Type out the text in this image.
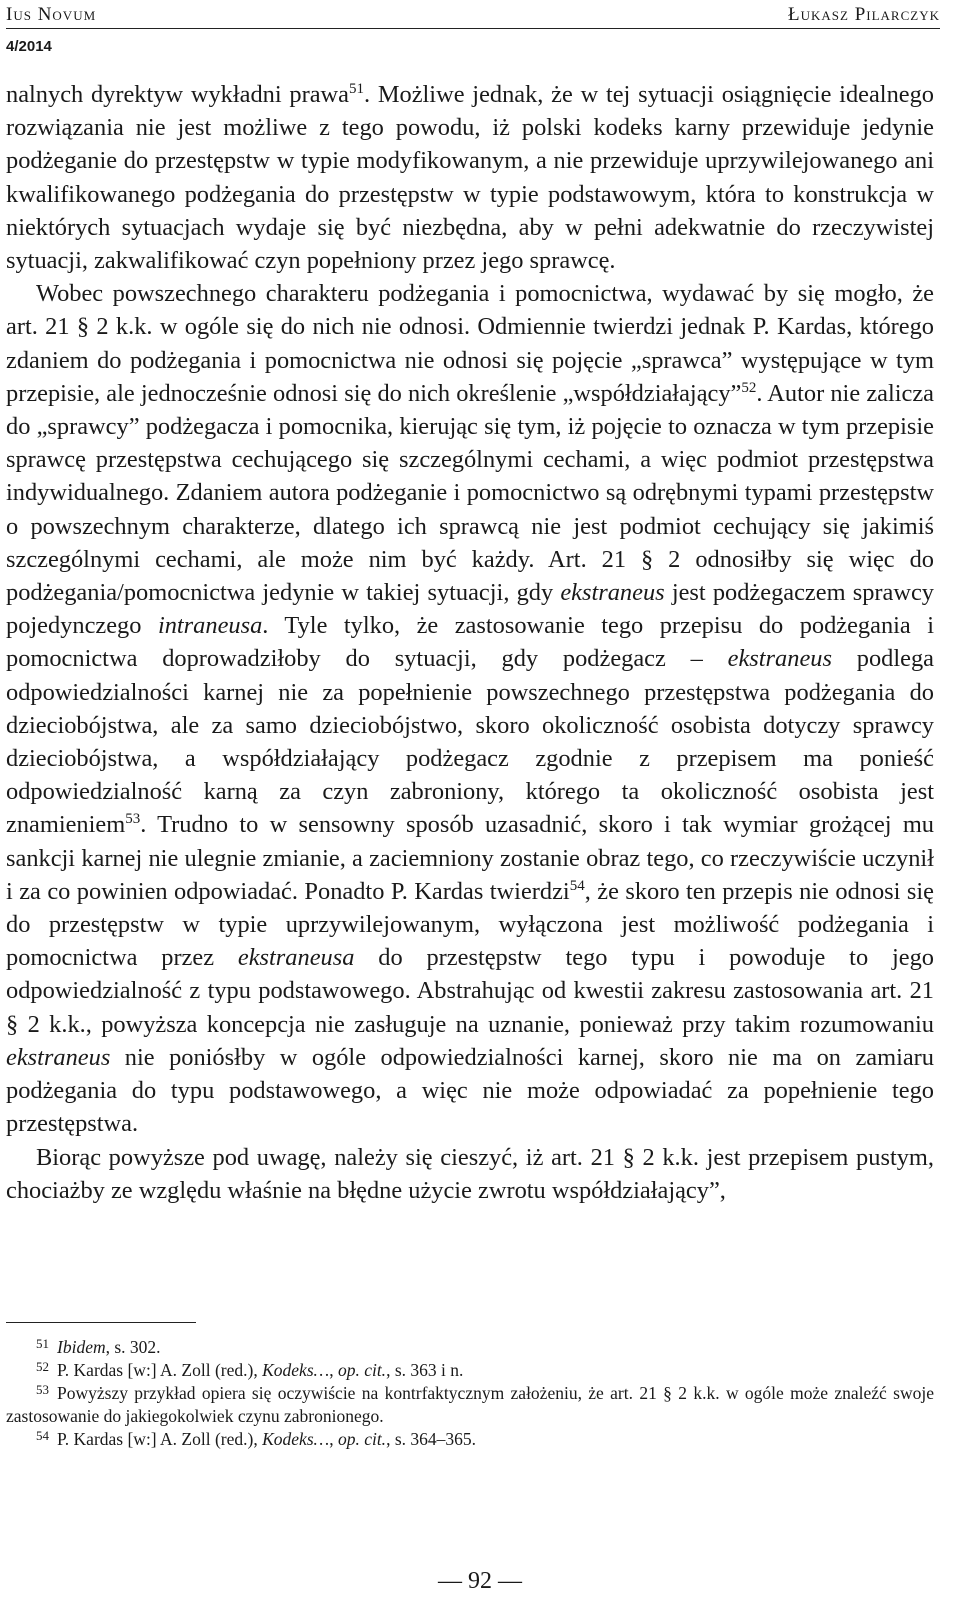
Ius Novum	Łukasz Pilarczyk
4/2014

nalnych dyrektyw wykładni prawa$^{51}$. Możliwe jednak, że w tej sytuacji osiągnięcie idealnego rozwiązania nie jest możliwe z tego powodu, iż polski kodeks karny przewiduje jedynie podżeganie do przestępstw w typie modyfikowanym, a nie przewiduje uprzywilejowanego ani kwalifikowanego podżegania do przestępstw w typie podstawowym, która to konstrukcja w niektórych sytuacjach wydaje się być niezbędna, aby w pełni adekwatnie do rzeczywistej sytuacji, zakwalifikować czyn popełniony przez jego sprawcę.

Wobec powszechnego charakteru podżegania i pomocnictwa, wydawać by się mogło, że art. 21 § 2 k.k. w ogóle się do nich nie odnosi. Odmiennie twierdzi jednak P. Kardas, którego zdaniem do podżegania i pomocnictwa nie odnosi się pojęcie „sprawca” występujące w tym przepisie, ale jednocześnie odnosi się do nich określenie „współdziałający”$^{52}$. Autor nie zalicza do „sprawcy” podżegacza i pomocnika, kierując się tym, iż pojęcie to oznacza w tym przepisie sprawcę przestępstwa cechującego się szczególnymi cechami, a więc podmiot przestępstwa indywidualnego. Zdaniem autora podżeganie i pomocnictwo są odrębnymi typami przestępstw o powszechnym charakterze, dlatego ich sprawcą nie jest podmiot cechujący się jakimiś szczególnymi cechami, ale może nim być każdy. Art. 21 § 2 odnosiłby się więc do podżegania/pomocnictwa jedynie w takiej sytuacji, gdy ekstraneus jest podżegaczem sprawcy pojedynczego intraneusa. Tyle tylko, że zastosowanie tego przepisu do podżegania i pomocnictwa doprowadziłoby do sytuacji, gdy podżegacz – ekstraneus podlega odpowiedzialności karnej nie za popełnienie powszechnego przestępstwa podżegania do dzieciobójstwa, ale za samo dzieciobójstwo, skoro okoliczność osobista dotyczy sprawcy dzieciobójstwa, a współdziałający podżegacz zgodnie z przepisem ma ponieść odpowiedzialność karną za czyn zabroniony, którego ta okoliczność osobista jest znamieniem$^{53}$. Trudno to w sensowny sposób uzasadnić, skoro i tak wymiar grożącej mu sankcji karnej nie ulegnie zmianie, a zaciemniony zostanie obraz tego, co rzeczywiście uczynił i za co powinien odpowiadać. Ponadto P. Kardas twierdzi$^{54}$, że skoro ten przepis nie odnosi się do przestępstw w typie uprzywilejowanym, wyłączona jest możliwość podżegania i pomocnictwa przez ekstraneusa do przestępstw tego typu i powoduje to jego odpowiedzialność z typu podstawowego. Abstrahując od kwestii zakresu zastosowania art. 21 § 2 k.k., powyższa koncepcja nie zasługuje na uznanie, ponieważ przy takim rozumowaniu ekstraneus nie poniósłby w ogóle odpowiedzialności karnej, skoro nie ma on zamiaru podżegania do typu podstawowego, a więc nie może odpowiadać za popełnienie tego przestępstwa.

Biorąc powyższe pod uwagę, należy się cieszyć, iż art. 21 § 2 k.k. jest przepisem pustym, chociażby ze względu właśnie na błędne użycie zwrotu współdziałający”,

$^{51}$ Ibidem, s. 302.

$^{52}$ P. Kardas [w:] A. Zoll (red.), Kodeks…, op. cit., s. 363 i n.

$^{53}$ Powyższy przykład opiera się oczywiście na kontrfaktycznym założeniu, że art. 21 § 2 k.k. w ogóle może znaleźć swoje zastosowanie do jakiegokolwiek czynu zabronionego.

$^{54}$ P. Kardas [w:] A. Zoll (red.), Kodeks…, op. cit., s. 364–365.

— 92 —
